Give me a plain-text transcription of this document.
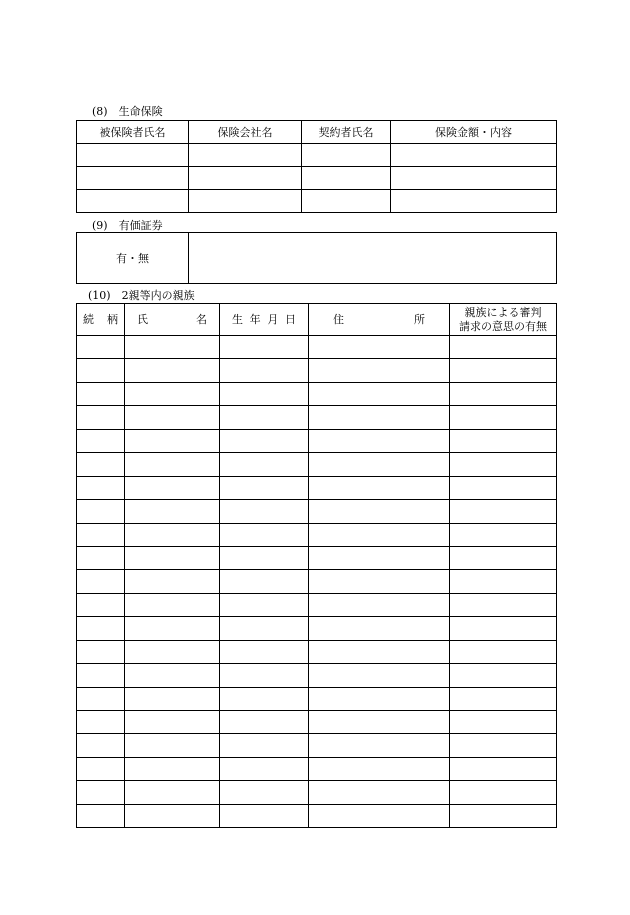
(8)　生命保険
被保険者氏名	保険会社名	契約者氏名	保険金額・内容

(9)　有価証券
有・無	
(10)　2親等内の親族
続 柄	氏 名	生 年 月 日	住 所	親族による審判
請求の意思の有無
